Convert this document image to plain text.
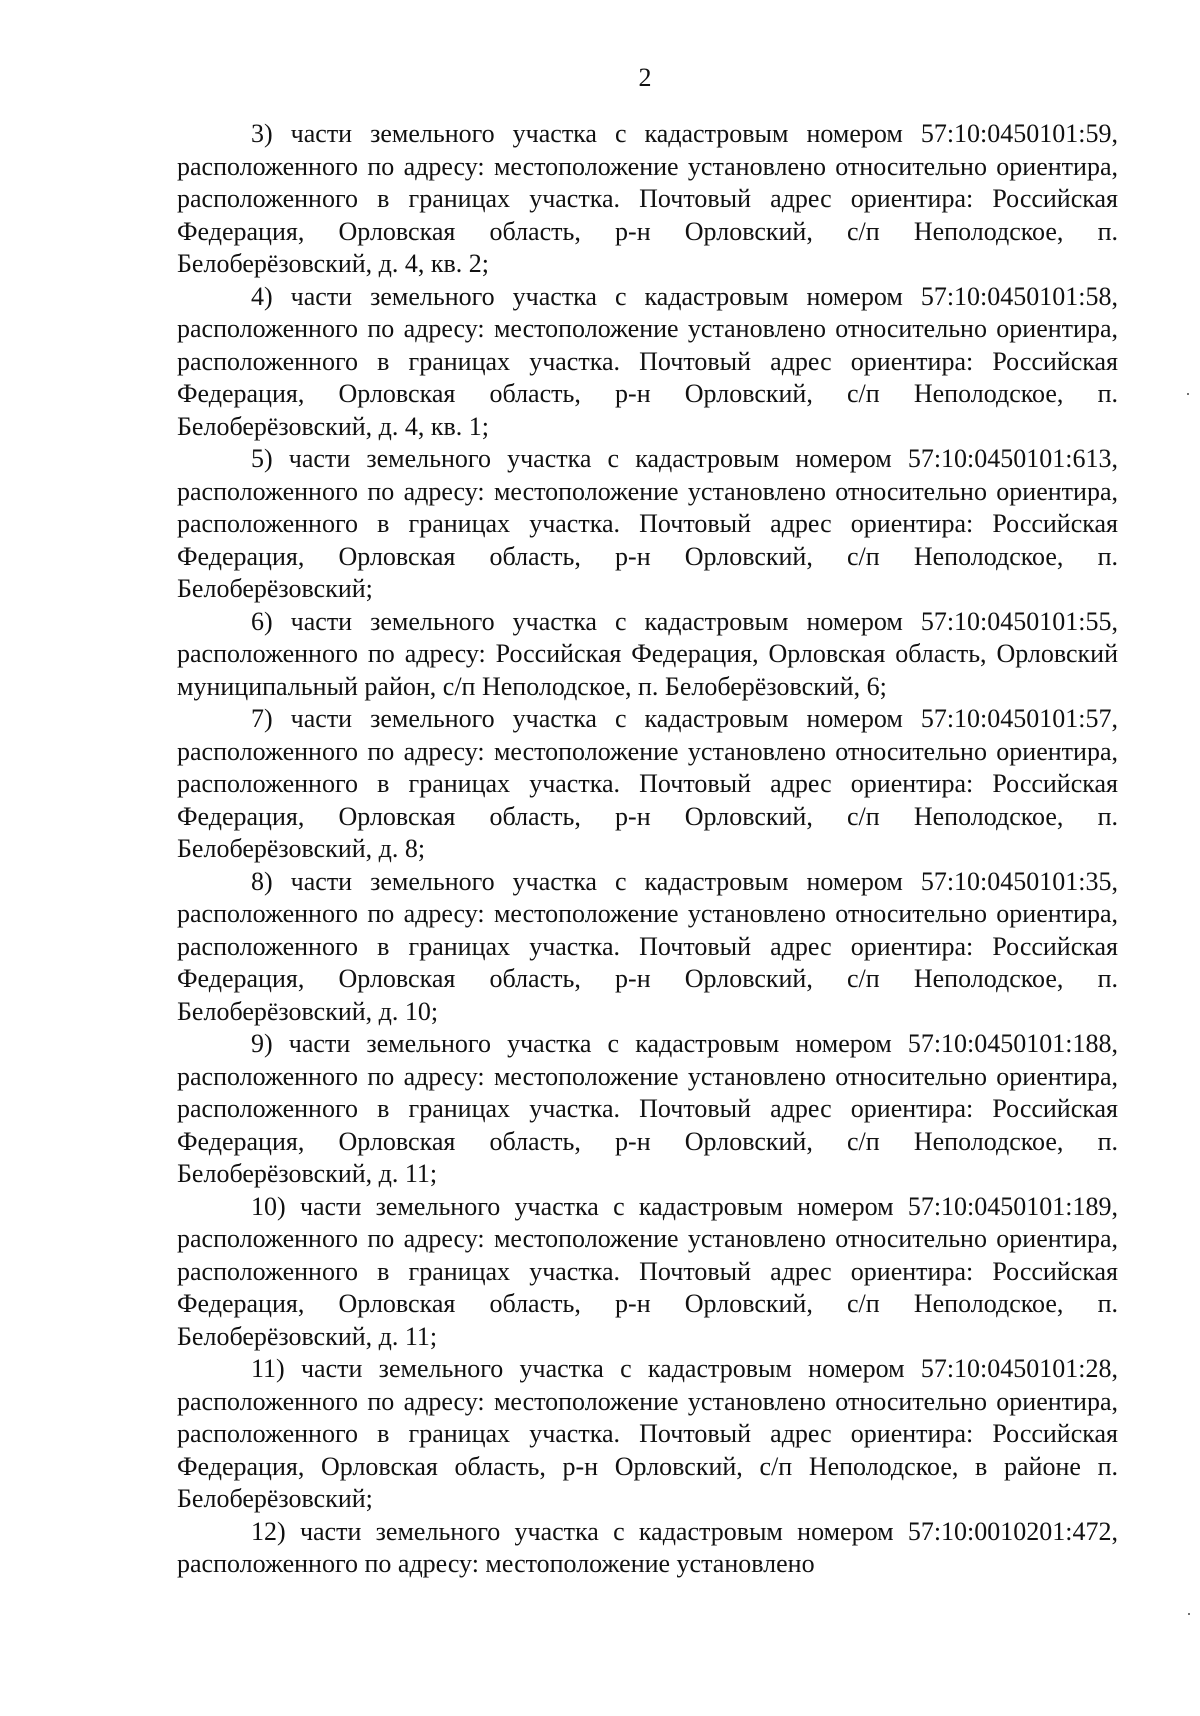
2

3) части земельного участка с кадастровым номером 57:10:0450101:59, расположенного по адресу: местоположение установлено относительно ориентира, расположенного в границах участка. Почтовый адрес ориентира: Российская Федерация, Орловская область, р-н Орловский, с/п Неполодское, п. Белоберёзовский, д. 4, кв. 2;

4) части земельного участка с кадастровым номером 57:10:0450101:58, расположенного по адресу: местоположение установлено относительно ориентира, расположенного в границах участка. Почтовый адрес ориентира: Российская Федерация, Орловская область, р-н Орловский, с/п Неполодское, п. Белоберёзовский, д. 4, кв. 1;

5) части земельного участка с кадастровым номером 57:10:0450101:613, расположенного по адресу: местоположение установлено относительно ориентира, расположенного в границах участка. Почтовый адрес ориентира: Российская Федерация, Орловская область, р-н Орловский, с/п Неполодское, п. Белоберёзовский;

6) части земельного участка с кадастровым номером 57:10:0450101:55, расположенного по адресу: Российская Федерация, Орловская область, Орловский муниципальный район, с/п Неполодское, п. Белоберёзовский, 6;

7) части земельного участка с кадастровым номером 57:10:0450101:57, расположенного по адресу: местоположение установлено относительно ориентира, расположенного в границах участка. Почтовый адрес ориентира: Российская Федерация, Орловская область, р-н Орловский, с/п Неполодское, п. Белоберёзовский, д. 8;

8) части земельного участка с кадастровым номером 57:10:0450101:35, расположенного по адресу: местоположение установлено относительно ориентира, расположенного в границах участка. Почтовый адрес ориентира: Российская Федерация, Орловская область, р-н Орловский, с/п Неполодское, п. Белоберёзовский, д. 10;

9) части земельного участка с кадастровым номером 57:10:0450101:188, расположенного по адресу: местоположение установлено относительно ориентира, расположенного в границах участка. Почтовый адрес ориентира: Российская Федерация, Орловская область, р-н Орловский, с/п Неполодское, п. Белоберёзовский, д. 11;

10) части земельного участка с кадастровым номером 57:10:0450101:189, расположенного по адресу: местоположение установлено относительно ориентира, расположенного в границах участка. Почтовый адрес ориентира: Российская Федерация, Орловская область, р-н Орловский, с/п Неполодское, п. Белоберёзовский, д. 11;

11) части земельного участка с кадастровым номером 57:10:0450101:28, расположенного по адресу: местоположение установлено относительно ориентира, расположенного в границах участка. Почтовый адрес ориентира: Российская Федерация, Орловская область, р-н Орловский, с/п Неполодское, в районе п. Белоберёзовский;

12) части земельного участка с кадастровым номером 57:10:0010201:472, расположенного по адресу: местоположение установлено
